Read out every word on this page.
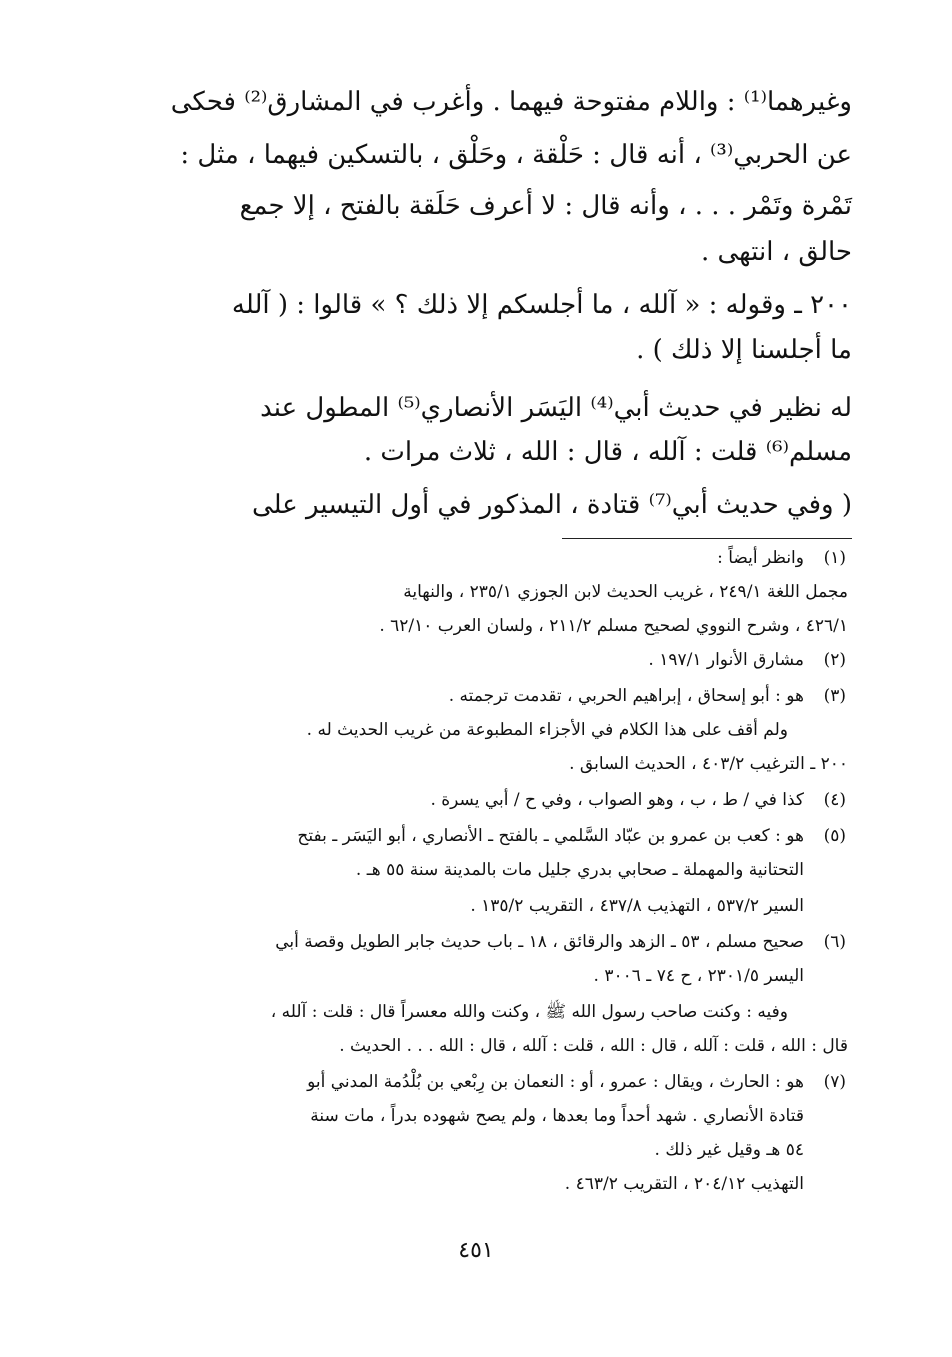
وغيرهما⁽¹⁾ : واللام مفتوحة فيهما . وأغرب في المشارق⁽²⁾ فحكى
عن الحربي⁽³⁾ ، أنه قال : حَلْقة ، وحَلْق ، بالتسكين فيهما ، مثل :
تَمْرة وتَمْر . . . ، وأنه قال : لا أعرف حَلَقة بالفتح ، إلا جمع
حالق ، انتهى .
٢٠٠ ـ وقوله : « آلله ، ما أجلسكم إلا ذلك ؟ » قالوا : ( آلله
ما أجلسنا إلا ذلك ) .
له نظير في حديث أبي⁽⁴⁾ اليَسَر الأنصاري⁽⁵⁾ المطول عند
مسلم⁽⁶⁾ قلت : آلله ، قال : الله ، ثلاث مرات .
( وفي حديث أبي⁽⁷⁾ قتادة ، المذكور في أول التيسير على
(١)
وانظر أيضاً :
مجمل اللغة ٢٤٩/١ ، غريب الحديث لابن الجوزي ٢٣٥/١ ، والنهاية
٤٢٦/١ ، وشرح النووي لصحيح مسلم ٢١١/٢ ، ولسان العرب ٦٢/١٠ .
(٢)
مشارق الأنوار ١٩٧/١ .
(٣)
هو : أبو إسحاق ، إبراهيم الحربي ، تقدمت ترجمته .
ولم أقف على هذا الكلام في الأجزاء المطبوعة من غريب الحديث له .
٢٠٠ ـ الترغيب ٤٠٣/٢ ، الحديث السابق .
(٤)
كذا في / ط ، ب ، وهو الصواب ، وفي ح / أبي يسرة .
(٥)
هو : كعب بن عمرو بن عبّاد السَّلمي ـ بالفتح ـ الأنصاري ، أبو اليَسَر ـ بفتح
التحتانية والمهملة ـ صحابي بدري جليل مات بالمدينة سنة ٥٥ هـ .
السير ٥٣٧/٢ ، التهذيب ٤٣٧/٨ ، التقريب ١٣٥/٢ .
(٦)
صحيح مسلم ، ٥٣ ـ الزهد والرقائق ، ١٨ ـ باب حديث جابر الطويل وقصة أبي
اليسر ٢٣٠١/٥ ، ح ٧٤ ـ ٣٠٠٦ .
وفيه : وكنت صاحب رسول الله ﷺ ، وكنت والله معسراً قال : قلت : آلله ،
قال : الله ، قلت : آلله ، قال : الله ، قلت : آلله ، قال : الله . . . الحديث .
(٧)
هو : الحارث ، ويقال : عمرو ، أو : النعمان بن رِبْعي بن بُلْدُمة المدني أبو
قتادة الأنصاري . شهد أحداً وما بعدها ، ولم يصح شهوده بدراً ، مات سنة
٥٤ هـ وقيل غير ذلك .
التهذيب ٢٠٤/١٢ ، التقريب ٤٦٣/٢ .
٤٥١
